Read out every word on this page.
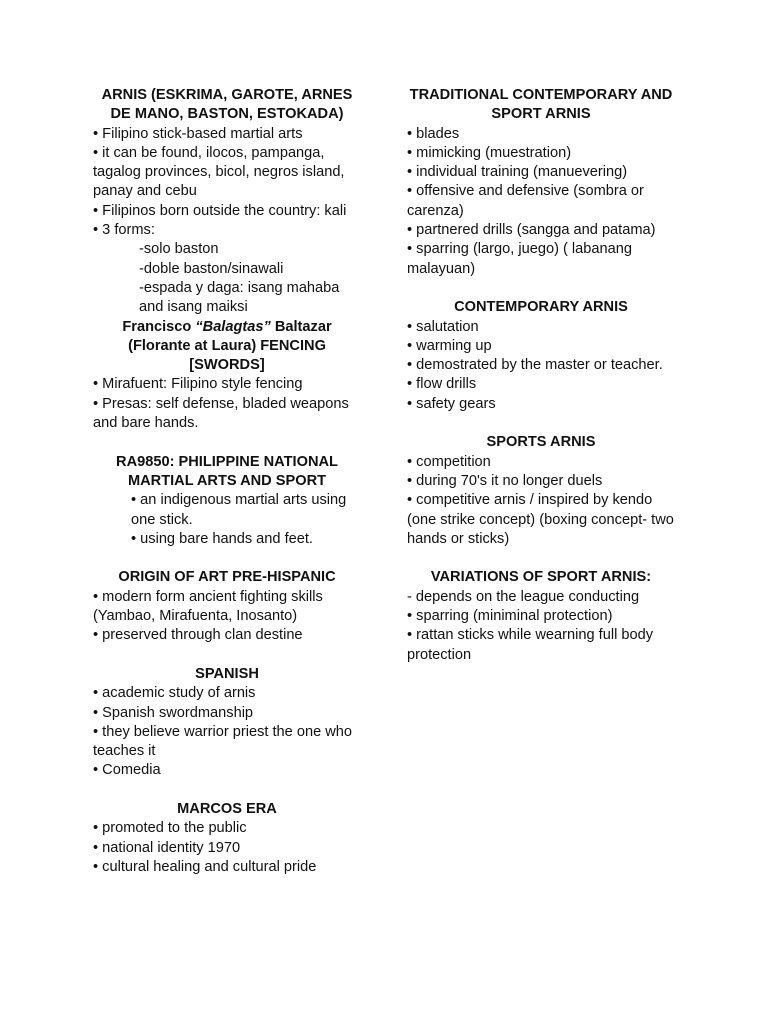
ARNIS (ESKRIMA, GAROTE, ARNES DE MANO, BASTON, ESTOKADA)
• Filipino stick-based martial arts
• it can be found, ilocos, pampanga, tagalog provinces, bicol, negros island, panay and cebu
• Filipinos born outside the country: kali
• 3 forms:
-solo baston
-doble baston/sinawali
-espada y daga: isang mahaba and isang maiksi
Francisco “Balagtas” Baltazar (Florante at Laura) FENCING [SWORDS]
• Mirafuent: Filipino style fencing
• Presas: self defense, bladed weapons and bare hands.
RA9850: PHILIPPINE NATIONAL MARTIAL ARTS AND SPORT
• an indigenous martial arts using one stick.
• using bare hands and feet.
ORIGIN OF ART PRE-HISPANIC
• modern form ancient fighting skills (Yambao, Mirafuenta, Inosanto)
• preserved through clan destine
SPANISH
• academic study of arnis
• Spanish swordmanship
• they believe warrior priest the one who teaches it
• Comedia
MARCOS ERA
• promoted to the public
• national identity 1970
• cultural healing and cultural pride
TRADITIONAL CONTEMPORARY AND SPORT ARNIS
• blades
• mimicking (muestration)
• individual training (manuevering)
• offensive and defensive (sombra or carenza)
• partnered drills (sangga and patama)
• sparring (largo, juego) ( labanang malayuan)
CONTEMPORARY ARNIS
• salutation
• warming up
• demostrated by the master or teacher.
• flow drills
• safety gears
SPORTS ARNIS
• competition
• during 70's it no longer duels
• competitive arnis / inspired by kendo (one strike concept) (boxing concept- two hands or sticks)
VARIATIONS OF SPORT ARNIS:
- depends on the league conducting
• sparring (miniminal protection)
• rattan sticks while wearning full body protection
